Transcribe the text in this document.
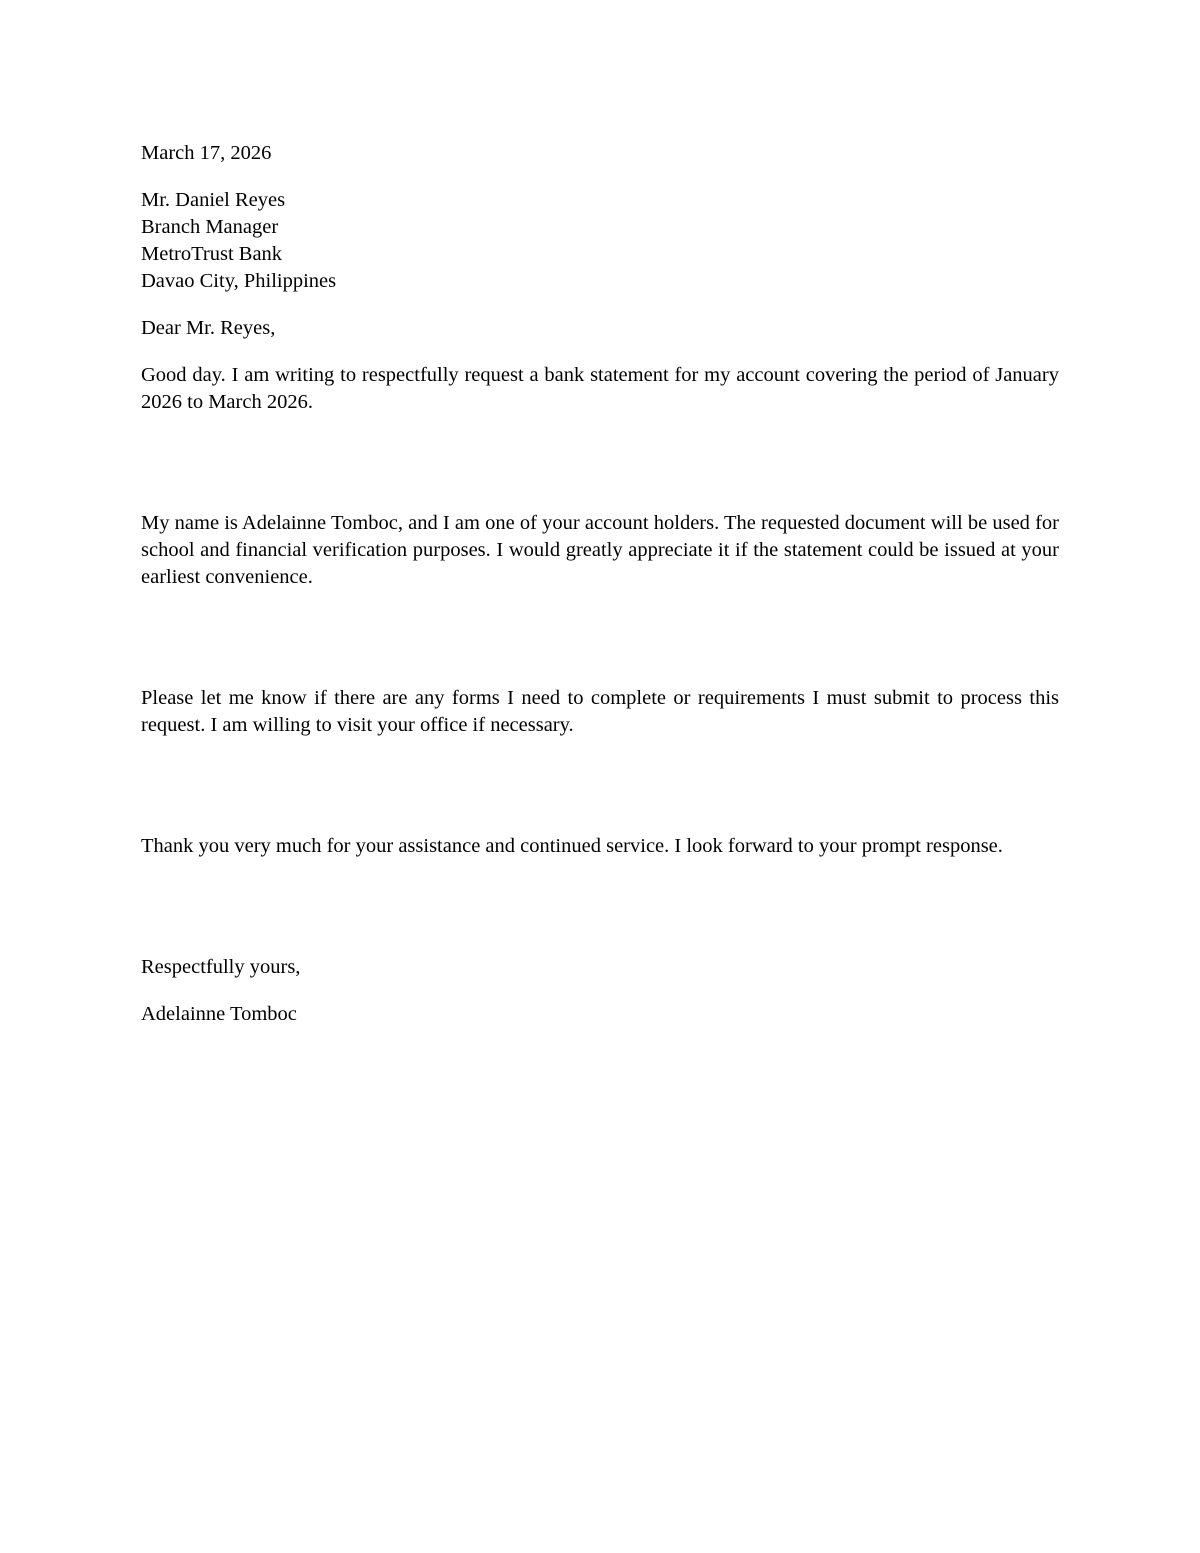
March 17, 2026

Mr. Daniel Reyes

Branch Manager

MetroTrust Bank

Davao City, Philippines

Dear Mr. Reyes,

Good day. I am writing to respectfully request a bank statement for my account covering the period of January 2026 to March 2026.

My name is Adelainne Tomboc, and I am one of your account holders. The requested document will be used for school and financial verification purposes. I would greatly appreciate it if the statement could be issued at your earliest convenience.

Please let me know if there are any forms I need to complete or requirements I must submit to process this request. I am willing to visit your office if necessary.

Thank you very much for your assistance and continued service. I look forward to your prompt response.

Respectfully yours,

Adelainne Tomboc
